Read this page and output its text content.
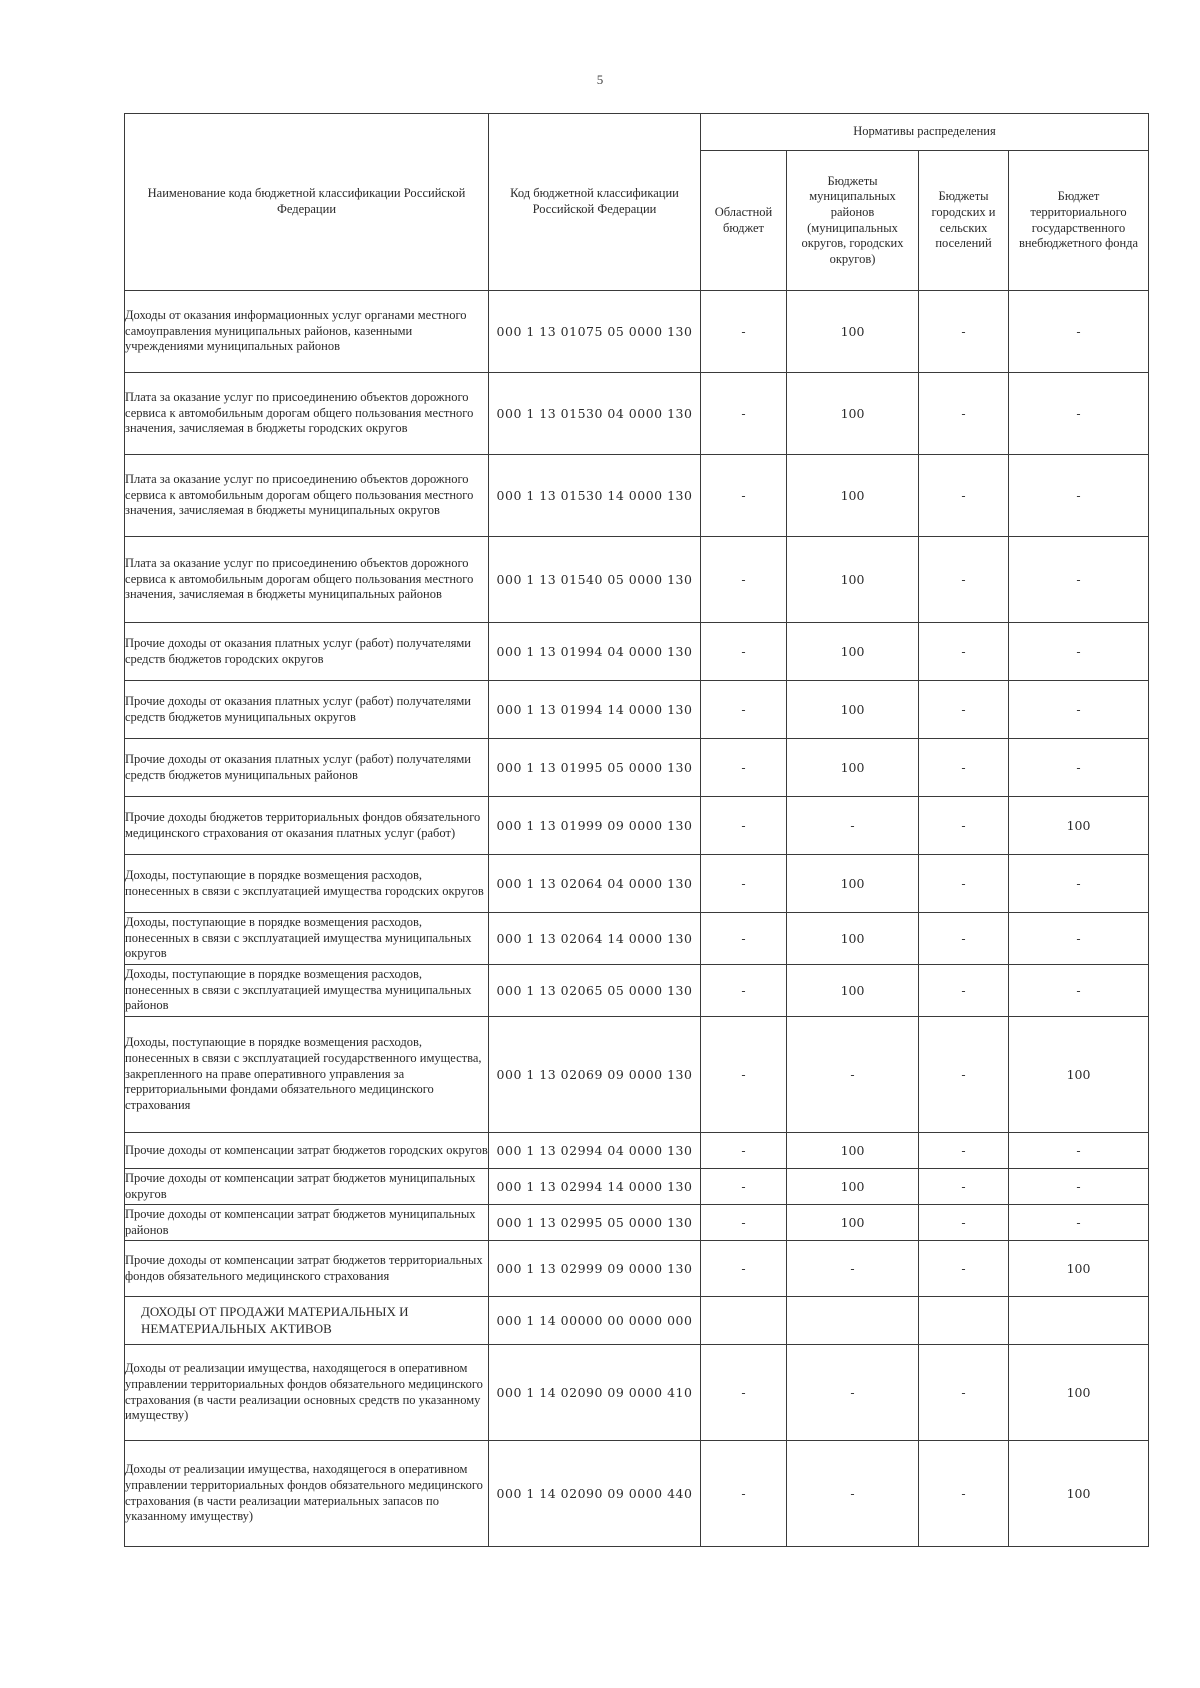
5
Наименование кода бюджетной классификации Российской Федерации	Код бюджетной классификации Российской Федерации	Нормативы распределения			
		Областной бюджет	Бюджеты муниципальных районов (муниципальных округов, городских округов)	Бюджеты городских и сельских поселений	Бюджет территориального государственного внебюджетного фонда
Доходы от оказания информационных услуг органами местного самоуправления муниципальных районов, казенными учреждениями муниципальных районов	000 1 13 01075 05 0000 130	-	100	-	-
Плата за оказание услуг по присоединению объектов дорожного сервиса к автомобильным дорогам общего пользования местного значения, зачисляемая в бюджеты городских округов	000 1 13 01530 04 0000 130	-	100	-	-
Плата за оказание услуг по присоединению объектов дорожного сервиса к автомобильным дорогам общего пользования местного значения, зачисляемая в бюджеты муниципальных округов	000 1 13 01530 14 0000 130	-	100	-	-
Плата за оказание услуг по присоединению объектов дорожного сервиса к автомобильным дорогам общего пользования местного значения, зачисляемая в бюджеты муниципальных районов	000 1 13 01540 05 0000 130	-	100	-	-
Прочие доходы от оказания платных услуг (работ) получателями средств бюджетов городских округов	000 1 13 01994 04 0000 130	-	100	-	-
Прочие доходы от оказания платных услуг (работ) получателями средств бюджетов муниципальных округов	000 1 13 01994 14 0000 130	-	100	-	-
Прочие доходы от оказания платных услуг (работ) получателями средств бюджетов муниципальных районов	000 1 13 01995 05 0000 130	-	100	-	-
Прочие доходы бюджетов территориальных фондов обязательного медицинского страхования от оказания платных услуг (работ)	000 1 13 01999 09 0000 130	-	-	-	100
Доходы, поступающие в порядке возмещения расходов, понесенных в связи с эксплуатацией имущества городских округов	000 1 13 02064 04 0000 130	-	100	-	-
Доходы, поступающие в порядке возмещения расходов, понесенных в связи с эксплуатацией имущества муниципальных округов	000 1 13 02064 14 0000 130	-	100	-	-
Доходы, поступающие в порядке возмещения расходов, понесенных в связи с эксплуатацией имущества муниципальных районов	000 1 13 02065 05 0000 130	-	100	-	-
Доходы, поступающие в порядке возмещения расходов, понесенных в связи с эксплуатацией государственного имущества, закрепленного на праве оперативного управления за территориальными фондами обязательного медицинского страхования	000 1 13 02069 09 0000 130	-	-	-	100
Прочие доходы от компенсации затрат бюджетов городских округов	000 1 13 02994 04 0000 130	-	100	-	-
Прочие доходы от компенсации затрат бюджетов муниципальных округов	000 1 13 02994 14 0000 130	-	100	-	-
Прочие доходы от компенсации затрат бюджетов муниципальных районов	000 1 13 02995 05 0000 130	-	100	-	-
Прочие доходы от компенсации затрат бюджетов территориальных фондов обязательного медицинского страхования	000 1 13 02999 09 0000 130	-	-	-	100
ДОХОДЫ ОТ ПРОДАЖИ МАТЕРИАЛЬНЫХ И НЕМАТЕРИАЛЬНЫХ АКТИВОВ	000 1 14 00000 00 0000 000				
Доходы от реализации имущества, находящегося в оперативном управлении территориальных фондов обязательного медицинского страхования (в части реализации основных средств по указанному имуществу)	000 1 14 02090 09 0000 410	-	-	-	100
Доходы от реализации имущества, находящегося в оперативном управлении территориальных фондов обязательного медицинского страхования (в части реализации материальных запасов по указанному имуществу)	000 1 14 02090 09 0000 440	-	-	-	100
